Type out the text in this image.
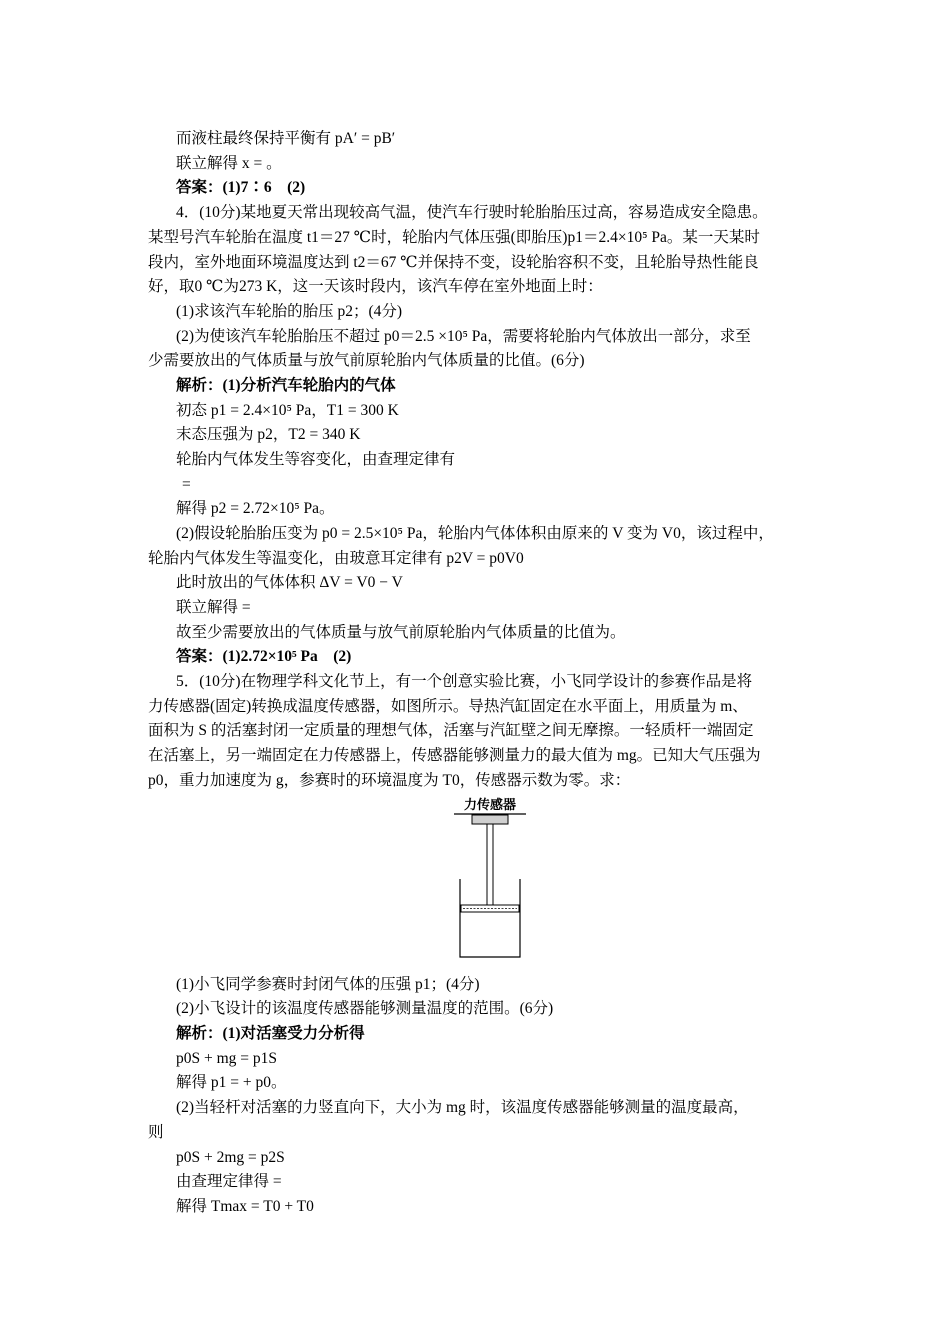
而液柱最终保持平衡有 pA′ = pB′
联立解得 x = 。
答案：(1)7∶6　(2)
4．(10分)某地夏天常出现较高气温，使汽车行驶时轮胎胎压过高，容易造成安全隐患。
某型号汽车轮胎在温度 t1＝27 ℃时，轮胎内气体压强(即胎压)p1＝2.4×10⁵ Pa。某一天某时
段内，室外地面环境温度达到 t2＝67 ℃并保持不变，设轮胎容积不变，且轮胎导热性能良
好，取0 ℃为273 K，这一天该时段内，该汽车停在室外地面上时：
(1)求该汽车轮胎的胎压 p2；(4分)
(2)为使该汽车轮胎胎压不超过 p0＝2.5 ×10⁵ Pa，需要将轮胎内气体放出一部分，求至
少需要放出的气体质量与放气前原轮胎内气体质量的比值。(6分)
解析：(1)分析汽车轮胎内的气体
初态 p1 = 2.4×10⁵ Pa，T1 = 300 K
末态压强为 p2，T2 = 340 K
轮胎内气体发生等容变化，由查理定律有
=
解得 p2 = 2.72×10⁵ Pa。
(2)假设轮胎胎压变为 p0 = 2.5×10⁵ Pa，轮胎内气体体积由原来的 V 变为 V0，该过程中，
轮胎内气体发生等温变化，由玻意耳定律有 p2V = p0V0
此时放出的气体体积 ΔV = V0 − V
联立解得 =
故至少需要放出的气体质量与放气前原轮胎内气体质量的比值为。
答案：(1)2.72×10⁵ Pa　(2)
5．(10分)在物理学科文化节上，有一个创意实验比赛，小飞同学设计的参赛作品是将
力传感器(固定)转换成温度传感器，如图所示。导热汽缸固定在水平面上，用质量为 m、
面积为 S 的活塞封闭一定质量的理想气体，活塞与汽缸壁之间无摩擦。一轻质杆一端固定
在活塞上，另一端固定在力传感器上，传感器能够测量力的最大值为 mg。已知大气压强为
p0，重力加速度为 g，参赛时的环境温度为 T0，传感器示数为零。求：
力传感器
(1)小飞同学参赛时封闭气体的压强 p1；(4分)
(2)小飞设计的该温度传感器能够测量温度的范围。(6分)
解析：(1)对活塞受力分析得
p0S + mg = p1S
解得 p1 = + p0。
(2)当轻杆对活塞的力竖直向下，大小为 mg 时，该温度传感器能够测量的温度最高，
则
p0S + 2mg = p2S
由查理定律得 =
解得 Tmax = T0 + T0
